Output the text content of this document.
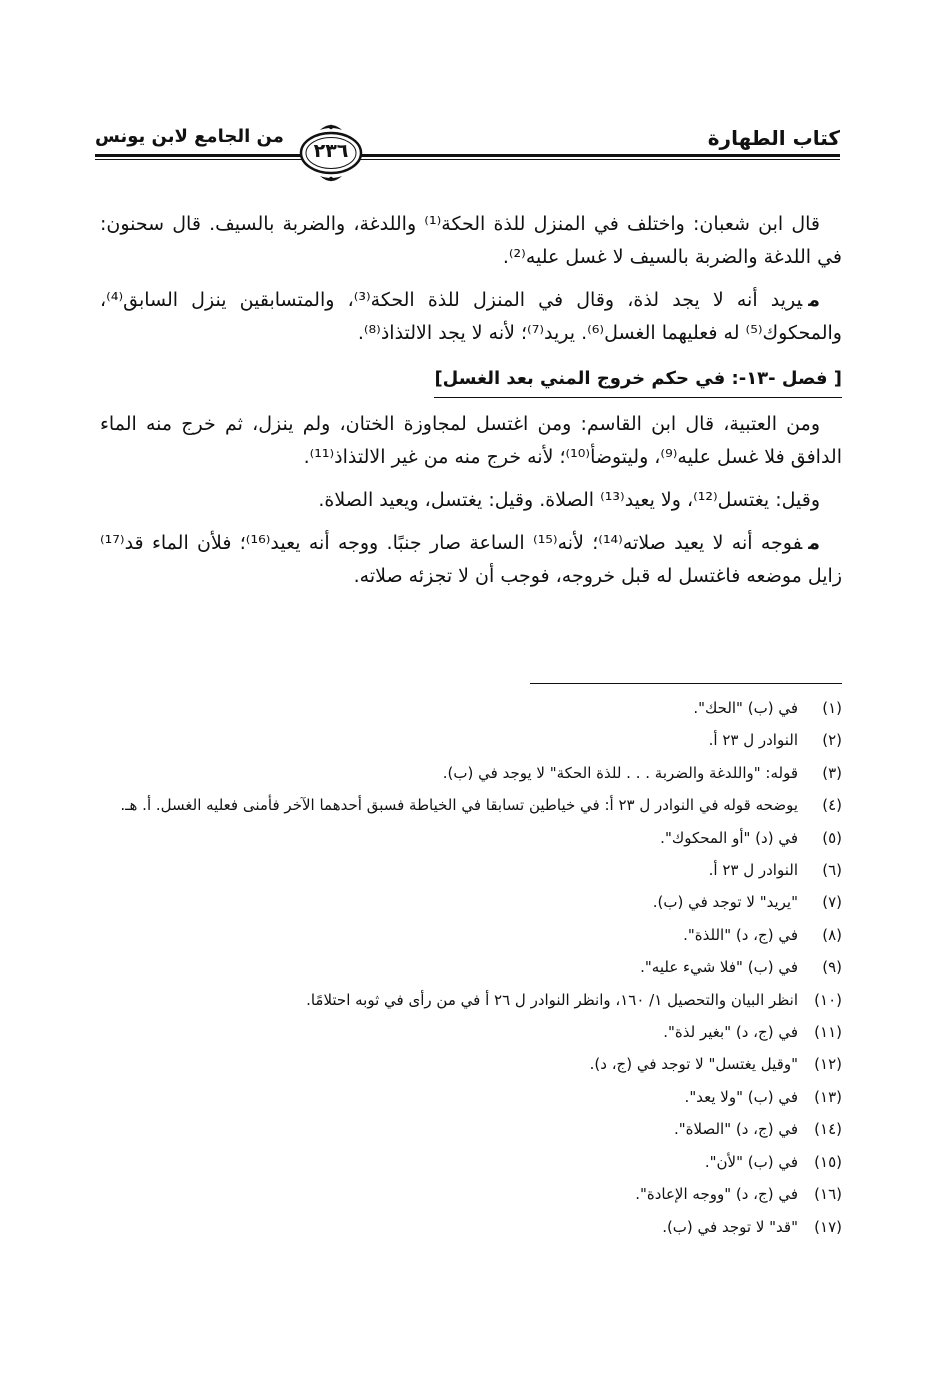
كتاب الطهارة
من الجامع لابن يونس
٢٣٦

قال ابن شعبان: واختلف في المنزل للذة الحكة⁽¹⁾ واللدغة، والضربة بالسيف. قال سحنون: في اللدغة والضربة بالسيف لا غسل عليه⁽²⁾.

ميريد أنه لا يجد لذة، وقال في المنزل للذة الحكة⁽³⁾، والمتسابقين ينزل السابق⁽⁴⁾، والمحكوك⁽⁵⁾ له فعليهما الغسل⁽⁶⁾. يريد⁽⁷⁾؛ لأنه لا يجد الالتذاذ⁽⁸⁾.

[ فصل -١٣-: في حكم خروج المني بعد الغسل]

ومن العتبية، قال ابن القاسم: ومن اغتسل لمجاوزة الختان، ولم ينزل، ثم خرج منه الماء الدافق فلا غسل عليه⁽⁹⁾، وليتوضأ⁽¹⁰⁾؛ لأنه خرج منه من غير الالتذاذ⁽¹¹⁾.

وقيل: يغتسل⁽¹²⁾، ولا يعيد⁽¹³⁾ الصلاة. وقيل: يغتسل، ويعيد الصلاة.

مفوجه أنه لا يعيد صلاته⁽¹⁴⁾؛ لأنه⁽¹⁵⁾ الساعة صار جنبًا. ووجه أنه يعيد⁽¹⁶⁾؛ فلأن الماء قد⁽¹⁷⁾ زايل موضعه فاغتسل له قبل خروجه، فوجب أن لا تجزئه صلاته.

(١)
في (ب) "الحك".
(٢)
النوادر ل ٢٣ أ.
(٣)
قوله: "واللدغة والضربة . . . للذة الحكة" لا يوجد في (ب).
(٤)
يوضحه قوله في النوادر ل ٢٣ أ: في خياطين تسابقا في الخياطة فسبق أحدهما الآخر فأمنى فعليه الغسل. أ. هـ.
(٥)
في (د) "أو المحكوك".
(٦)
النوادر ل ٢٣ أ.
(٧)
"يريد" لا توجد في (ب).
(٨)
في (ج، د) "اللذة".
(٩)
في (ب) "فلا شيء عليه".
(١٠)
انظر البيان والتحصيل ١/ ١٦٠، وانظر النوادر ل ٢٦ أ في من رأى في ثوبه احتلامًا.
(١١)
في (ج، د) "بغير لذة".
(١٢)
"وقيل يغتسل" لا توجد في (ج، د).
(١٣)
في (ب) "ولا يعد".
(١٤)
في (ج، د) "الصلاة".
(١٥)
في (ب) "لأن".
(١٦)
في (ج، د) "ووجه الإعادة".
(١٧)
"قد" لا توجد في (ب).
